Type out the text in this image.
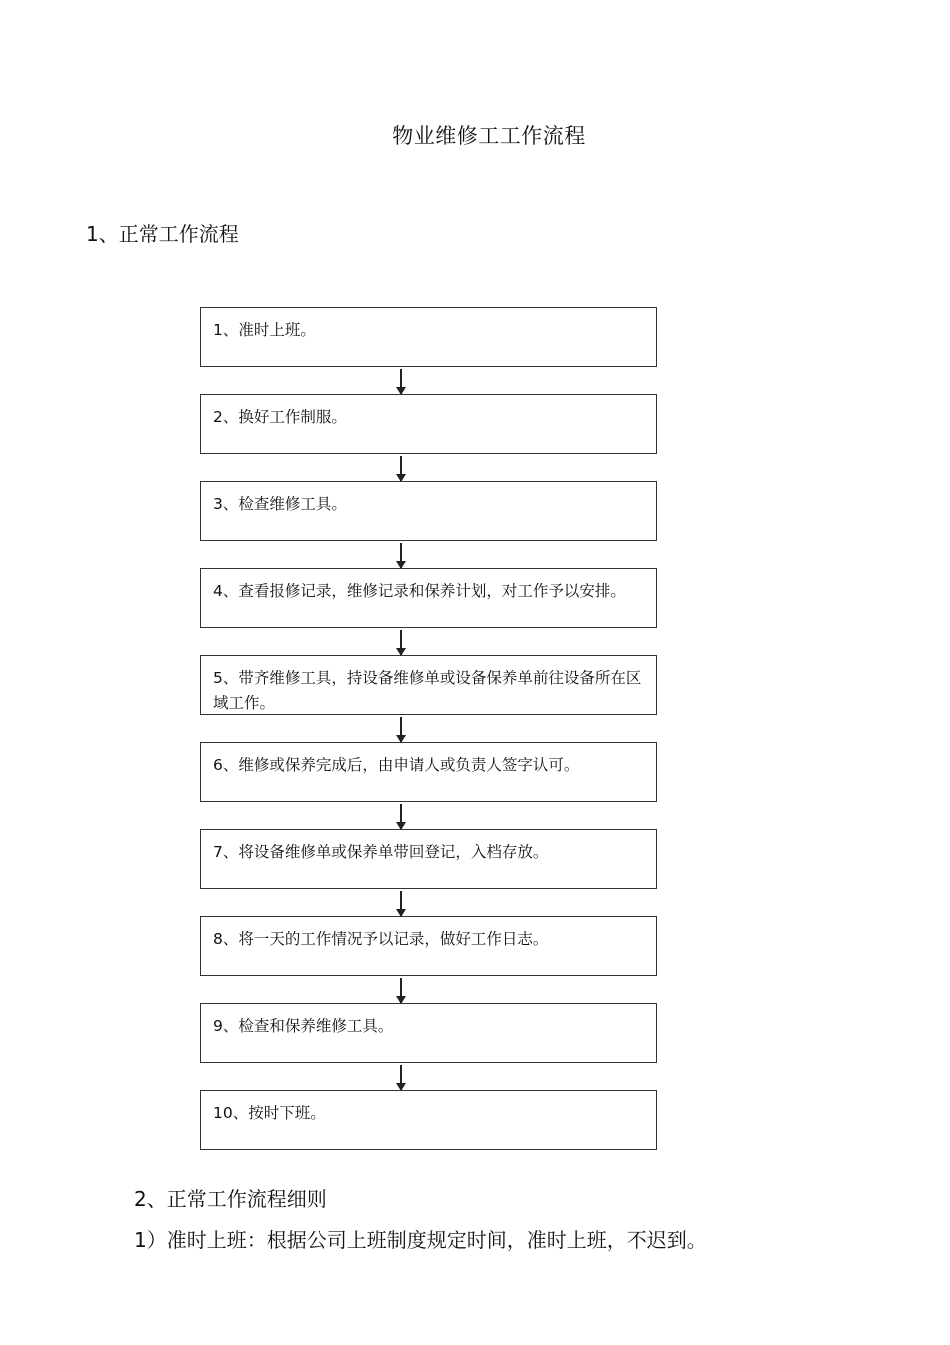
物业维修工工作流程
1、正常工作流程
1、准时上班。
2、换好工作制服。
3、检查维修工具。
4、查看报修记录，维修记录和保养计划，对工作予以安排。
5、带齐维修工具，持设备维修单或设备保养单前往设备所在区域工作。
6、维修或保养完成后，由申请人或负责人签字认可。
7、将设备维修单或保养单带回登记，入档存放。
8、将一天的工作情况予以记录，做好工作日志。
9、检查和保养维修工具。
10、按时下班。
2、正常工作流程细则
1）准时上班：根据公司上班制度规定时间，准时上班，不迟到。
